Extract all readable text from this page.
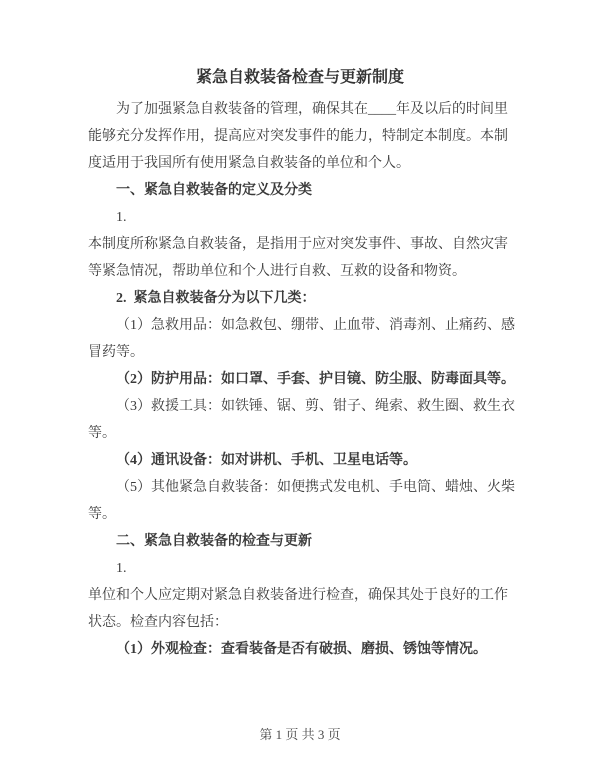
紧急自救装备检查与更新制度
为了加强紧急自救装备的管理，确保其在____年及以后的时间里
能够充分发挥作用，提高应对突发事件的能力，特制定本制度。本制
度适用于我国所有使用紧急自救装备的单位和个人。
一、紧急自救装备的定义及分类
1.
本制度所称紧急自救装备，是指用于应对突发事件、事故、自然灾害
等紧急情况，帮助单位和个人进行自救、互救的设备和物资。
2.  紧急自救装备分为以下几类：
（1）急救用品：如急救包、绷带、止血带、消毒剂、止痛药、感
冒药等。
（2）防护用品：如口罩、手套、护目镜、防尘服、防毒面具等。
（3）救援工具：如铁锤、锯、剪、钳子、绳索、救生圈、救生衣
等。
（4）通讯设备：如对讲机、手机、卫星电话等。
（5）其他紧急自救装备：如便携式发电机、手电筒、蜡烛、火柴
等。
二、紧急自救装备的检查与更新
1.
单位和个人应定期对紧急自救装备进行检查，确保其处于良好的工作
状态。检查内容包括：
（1）外观检查：查看装备是否有破损、磨损、锈蚀等情况。
第 1 页 共 3 页
